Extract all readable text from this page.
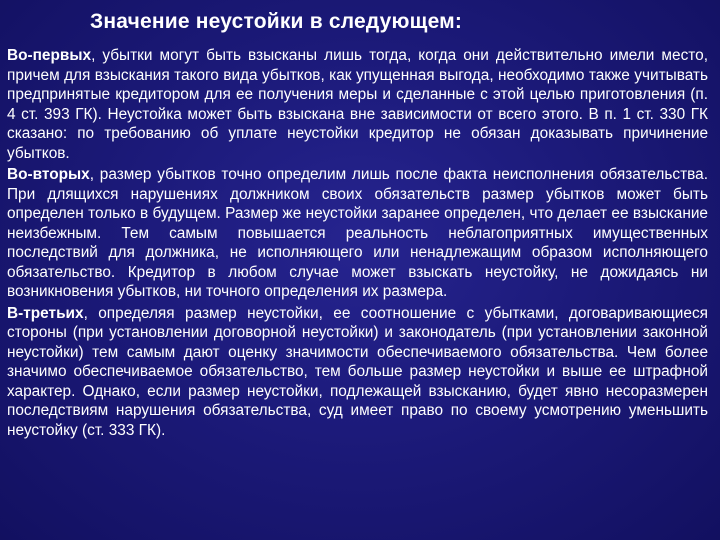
Значение неустойки в следующем:

Во-первых, убытки могут быть взысканы лишь тогда, когда они действительно имели место, причем для взыскания такого вида убытков, как упущенная выгода, необходимо также учитывать предпринятые кредитором для ее получения меры и сделанные с этой целью приготовления (п. 4 ст. 393 ГК). Неустойка может быть взыскана вне зависимости от всего этого. В п. 1 ст. 330 ГК сказано: по требованию об уплате неустойки кредитор не обязан доказывать причинение убытков.

Во-вторых, размер убытков точно определим лишь после факта неисполнения обязательства. При длящихся нарушениях должником своих обязательств размер убытков может быть определен только в будущем. Размер же неустойки заранее определен, что делает ее взыскание неизбежным. Тем самым повышается реальность неблагоприятных имущественных последствий для должника, не исполняющего или ненадлежащим образом исполняющего обязательство. Кредитор в любом случае может взыскать неустойку, не дожидаясь ни возникновения убытков, ни точного определения их размера.

В-третьих, определяя размер неустойки, ее соотношение с убытками, договаривающиеся стороны (при установлении договорной неустойки) и законодатель (при установлении законной неустойки) тем самым дают оценку значимости обеспечиваемого обязательства. Чем более значимо обеспечиваемое обязательство, тем больше размер неустойки и выше ее штрафной характер. Однако, если размер неустойки, подлежащей взысканию, будет явно несоразмерен последствиям нарушения обязательства, суд имеет право по своему усмотрению уменьшить неустойку (ст. 333 ГК).
